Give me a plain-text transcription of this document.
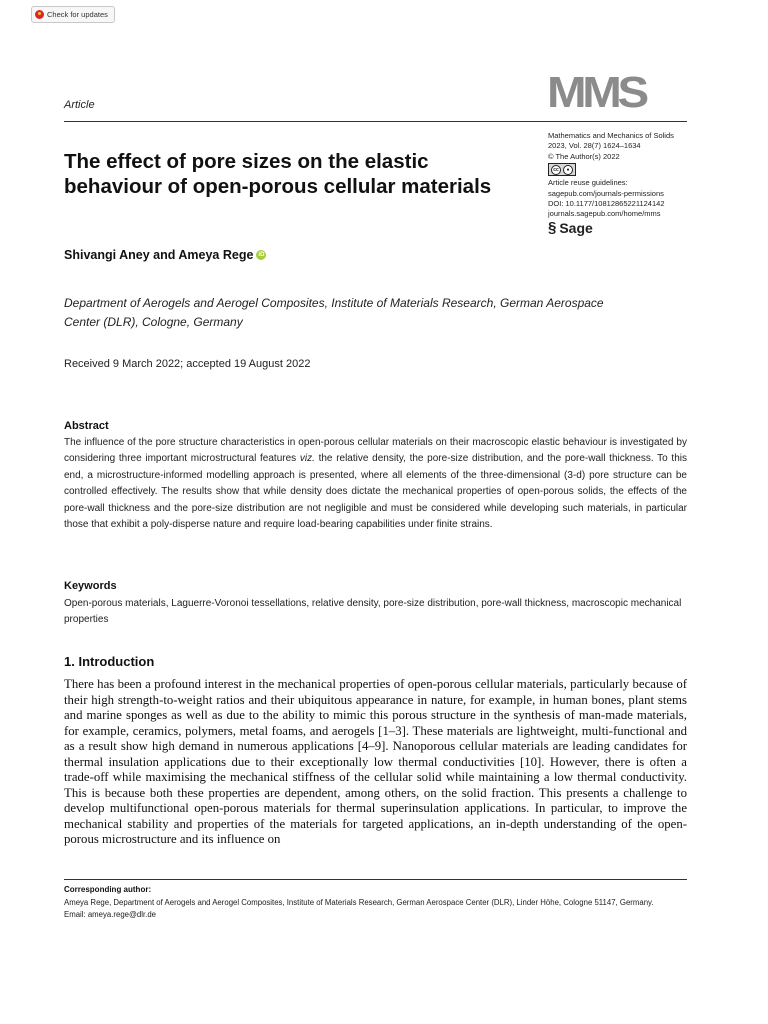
Check for updates
MMS
Article
The effect of pore sizes on the elastic behaviour of open-porous cellular materials
Mathematics and Mechanics of Solids
2023, Vol. 28(7) 1624–1634
© The Author(s) 2022
cc	●
Article reuse guidelines:
sagepub.com/journals-permissions
DOI: 10.1177/10812865221124142
journals.sagepub.com/home/mms
§ Sage
Shivangi Aney and Ameya Rege iD
Department of Aerogels and Aerogel Composites, Institute of Materials Research, German Aerospace Center (DLR), Cologne, Germany
Received 9 March 2022; accepted 19 August 2022
Abstract
The influence of the pore structure characteristics in open-porous cellular materials on their macroscopic elastic behaviour is investigated by considering three important microstructural features viz. the relative density, the pore-size distribution, and the pore-wall thickness. To this end, a microstructure-informed modelling approach is presented, where all elements of the three-dimensional (3-d) pore structure can be controlled effectively. The results show that while density does dictate the mechanical properties of open-porous solids, the effects of the pore-wall thickness and the pore-size distribution are not negligible and must be considered while developing such materials, in particular those that exhibit a poly-disperse nature and require load-bearing capabilities under finite strains.
Keywords
Open-porous materials, Laguerre-Voronoi tessellations, relative density, pore-size distribution, pore-wall thickness, macroscopic mechanical properties
1. Introduction
There has been a profound interest in the mechanical properties of open-porous cellular materials, particularly because of their high strength-to-weight ratios and their ubiquitous appearance in nature, for example, in human bones, plant stems and marine sponges as well as due to the ability to mimic this porous structure in the synthesis of man-made materials, for example, ceramics, polymers, metal foams, and aerogels [1–3]. These materials are lightweight, multi-functional and as a result show high demand in numerous applications [4–9]. Nanoporous cellular materials are leading candidates for thermal insulation applications due to their exceptionally low thermal conductivities [10]. However, there is often a trade-off while maximising the mechanical stiffness of the cellular solid while maintaining a low thermal conductivity. This is because both these properties are dependent, among others, on the solid fraction. This presents a challenge to develop multifunctional open-porous materials for thermal superinsulation applications. In particular, to improve the mechanical stability and properties of the materials for targeted applications, an in-depth understanding of the open-porous microstructure and its influence on
Corresponding author:
Ameya Rege, Department of Aerogels and Aerogel Composites, Institute of Materials Research, German Aerospace Center (DLR), Linder Höhe, Cologne 51147, Germany.
Email: ameya.rege@dlr.de
